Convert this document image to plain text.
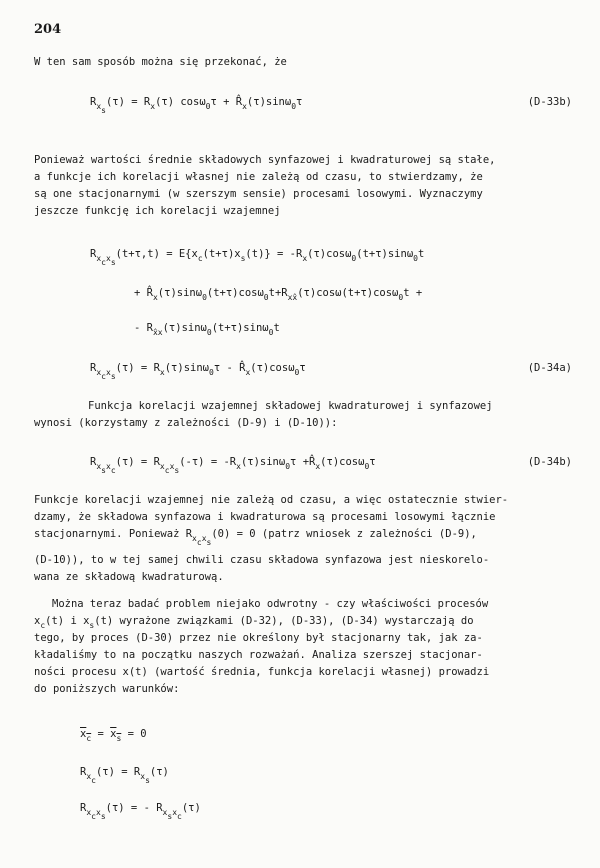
204
W ten sam sposób można się przekonać, że
$R_{x_s}(\tau) = R_x(\tau) \cos\omega_0\tau$ + $R̂_x(\tau)\sin\omega_0\tau$	(D-33b)
Ponieważ wartości średnie składowych synfazowej i kwadraturowej są stałe,
a funkcje ich korelacji własnej nie zależą od czasu, to stwierdzamy, że
są one stacjonarnymi (w szerszym sensie) procesami losowymi. Wyznaczymy
jeszcze funkcję ich korelacji wzajemnej
$R_{x_cx_s}(t+\tau,t) = E\{x_c(t+\tau)x_s(t)\} = -R_x(\tau)\cos\omega_0(t+\tau)\sin\omega_0t$
+ $R̂_x(\tau)\sin\omega_0(t+\tau)\cos\omega_0t+R_{xx̂}(\tau)\cos\omega(t+\tau)\cos\omega_0t$ +
- $R_{x̂x}(\tau)\sin\omega_0(t+\tau)\sin\omega_0t$
$R_{x_cx_s}(\tau) = R_x(\tau)\sin\omega_0\tau$ - $R̂_x(\tau)\cos\omega_0\tau$	(D-34a)
Funkcja korelacji wzajemnej składowej kwadraturowej i synfazowej
wynosi (korzystamy z zależności (D-9) i (D-10)):
$R_{x_sx_c}(\tau) = R_{x_cx_s}(-\tau) = -R_x(\tau)\sin\omega_0\tau$ $+R̂_x(\tau)\cos\omega_0\tau$	(D-34b)
Funkcje korelacji wzajemnej nie zależą od czasu, a więc ostatecznie stwier-
dzamy, że składowa synfazowa i kwadraturowa są procesami losowymi łącznie
stacjonarnymi. Ponieważ $R_{x_cx_s}(0) = 0$ (patrz wniosek z zależności (D-9),
(D-10)), to w tej samej chwili czasu składowa synfazowa jest nieskorelo-
wana ze składową kwadraturową.
Można teraz badać problem niejako odwrotny - czy właściwości procesów
$x_c(t)$ i $x_s(t)$ wyrażone związkami (D-32), (D-33), (D-34) wystarczają do
tego, by proces (D-30) przez nie określony był stacjonarny tak, jak za-
kładaliśmy to na początku naszych rozważań. Analiza szerszej stacjonar-
ności procesu x(t) (wartość średnia, funkcja korelacji własnej) prowadzi
do poniższych warunków:
$x_c = x_s = 0$
$R_{x_c}(\tau) = R_{x_s}(\tau)$
$R_{x_cx_s}(\tau)$ = - $R_{x_sx_c}(\tau)$
